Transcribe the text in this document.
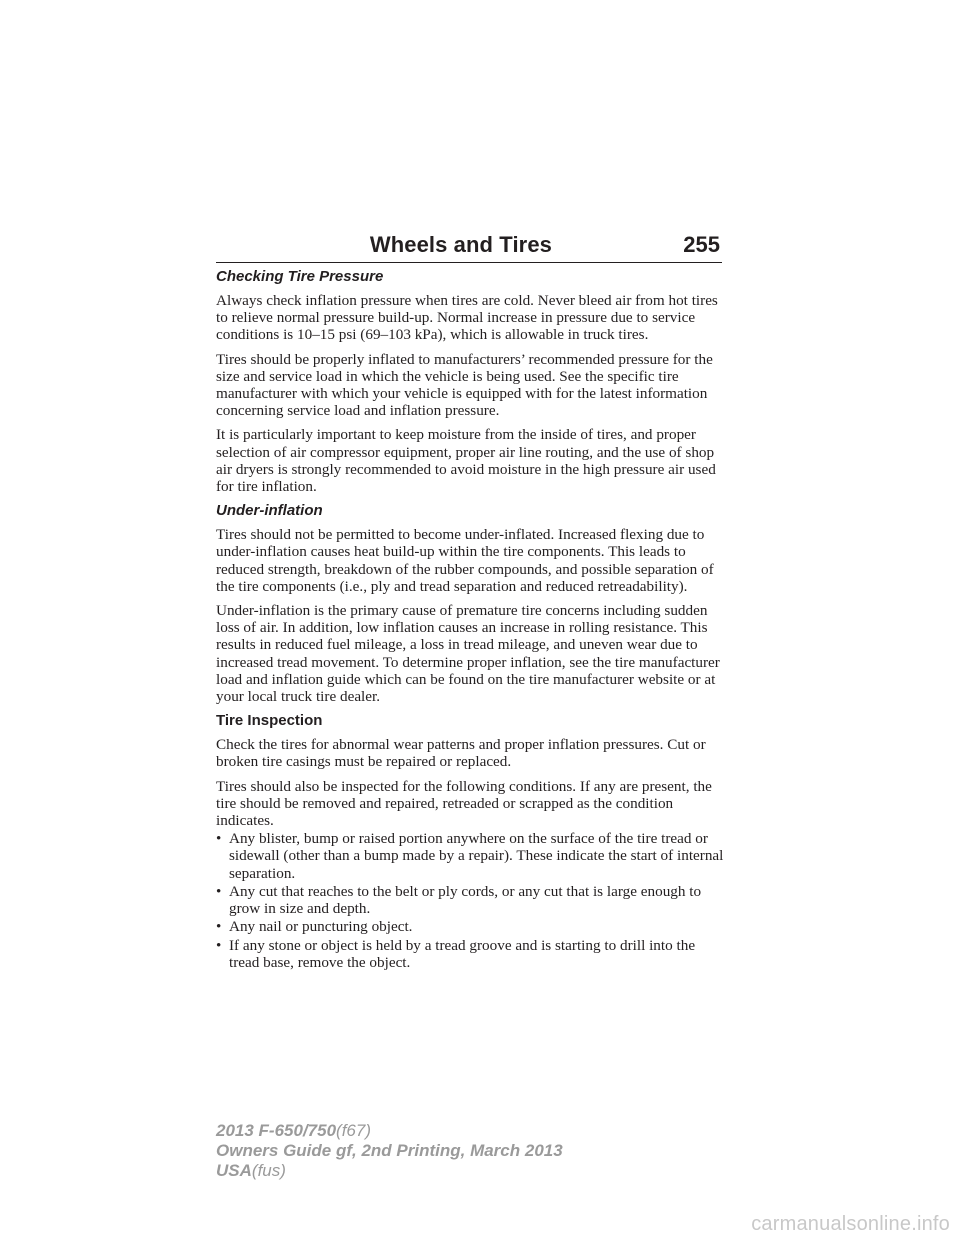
Wheels and Tires	255
Checking Tire Pressure

Always check inflation pressure when tires are cold. Never bleed air from hot tires to relieve normal pressure build-up. Normal increase in pressure due to service conditions is 10–15 psi (69–103 kPa), which is allowable in truck tires.

Tires should be properly inflated to manufacturers’ recommended pressure for the size and service load in which the vehicle is being used. See the specific tire manufacturer with which your vehicle is equipped with for the latest information concerning service load and inflation pressure.

It is particularly important to keep moisture from the inside of tires, and proper selection of air compressor equipment, proper air line routing, and the use of shop air dryers is strongly recommended to avoid moisture in the high pressure air used for tire inflation.

Under-inflation

Tires should not be permitted to become under-inflated. Increased flexing due to under-inflation causes heat build-up within the tire components. This leads to reduced strength, breakdown of the rubber compounds, and possible separation of the tire components (i.e., ply and tread separation and reduced retreadability).

Under-inflation is the primary cause of premature tire concerns including sudden loss of air. In addition, low inflation causes an increase in rolling resistance. This results in reduced fuel mileage, a loss in tread mileage, and uneven wear due to increased tread movement. To determine proper inflation, see the tire manufacturer load and inflation guide which can be found on the tire manufacturer website or at your local truck tire dealer.

Tire Inspection

Check the tires for abnormal wear patterns and proper inflation pressures. Cut or broken tire casings must be repaired or replaced.

Tires should also be inspected for the following conditions. If any are present, the tire should be removed and repaired, retreaded or scrapped as the condition indicates.

• Any blister, bump or raised portion anywhere on the surface of the tire tread or sidewall (other than a bump made by a repair). These indicate the start of internal separation.
• Any cut that reaches to the belt or ply cords, or any cut that is large enough to grow in size and depth.
• Any nail or puncturing object.
• If any stone or object is held by a tread groove and is starting to drill into the tread base, remove the object.
2013 F-650/750(f67)
Owners Guide gf, 2nd Printing, March 2013
USA(fus)
carmanualsonline.info
